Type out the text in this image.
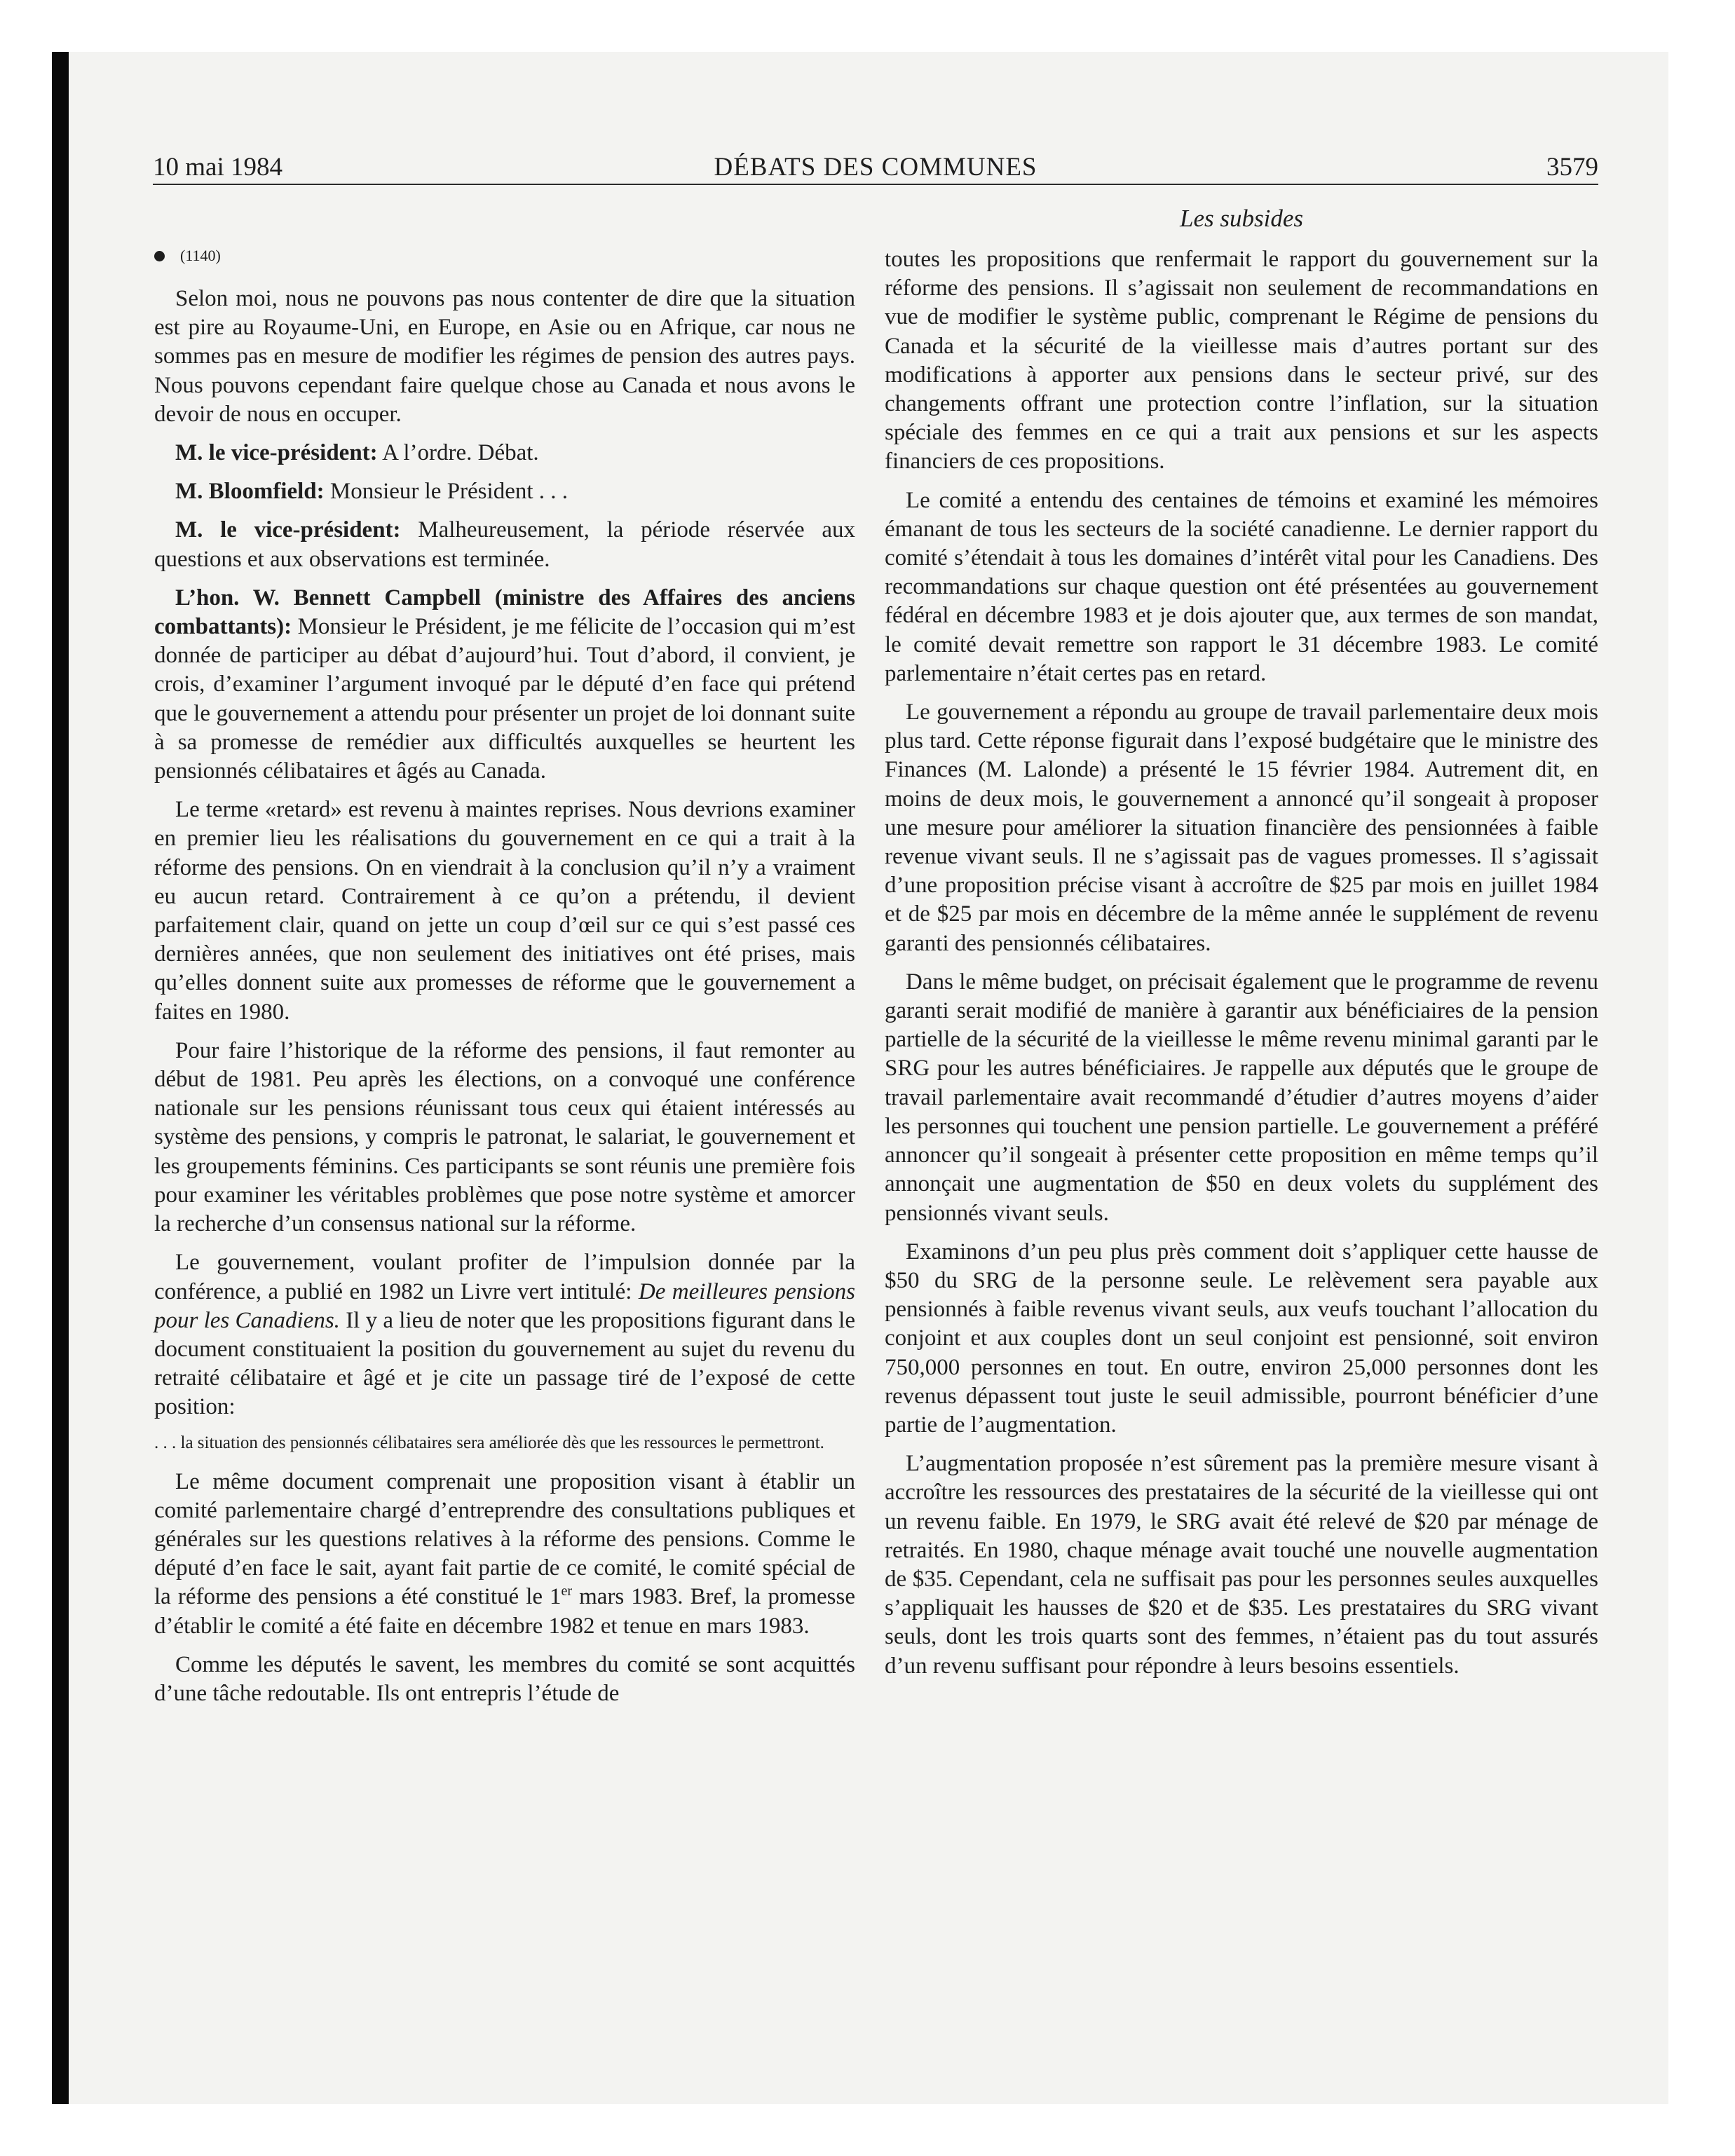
10 mai 1984	DÉBATS DES COMMUNES	3579
Les subsides
(1140)

Selon moi, nous ne pouvons pas nous contenter de dire que la situation est pire au Royaume-Uni, en Europe, en Asie ou en Afrique, car nous ne sommes pas en mesure de modifier les régimes de pension des autres pays. Nous pouvons cependant faire quelque chose au Canada et nous avons le devoir de nous en occuper.

M. le vice-président: A l’ordre. Débat.

M. Bloomfield: Monsieur le Président . . .

M. le vice-président: Malheureusement, la période réservée aux questions et aux observations est terminée.

L’hon. W. Bennett Campbell (ministre des Affaires des anciens combattants): Monsieur le Président, je me félicite de l’occasion qui m’est donnée de participer au débat d’aujourd’hui. Tout d’abord, il convient, je crois, d’examiner l’argument invoqué par le député d’en face qui prétend que le gouvernement a attendu pour présenter un projet de loi donnant suite à sa promesse de remédier aux difficultés auxquelles se heurtent les pensionnés célibataires et âgés au Canada.

Le terme «retard» est revenu à maintes reprises. Nous devrions examiner en premier lieu les réalisations du gouvernement en ce qui a trait à la réforme des pensions. On en viendrait à la conclusion qu’il n’y a vraiment eu aucun retard. Contrairement à ce qu’on a prétendu, il devient parfaitement clair, quand on jette un coup d’œil sur ce qui s’est passé ces dernières années, que non seulement des initiatives ont été prises, mais qu’elles donnent suite aux promesses de réforme que le gouvernement a faites en 1980.

Pour faire l’historique de la réforme des pensions, il faut remonter au début de 1981. Peu après les élections, on a convoqué une conférence nationale sur les pensions réunissant tous ceux qui étaient intéressés au système des pensions, y compris le patronat, le salariat, le gouvernement et les groupements féminins. Ces participants se sont réunis une première fois pour examiner les véritables problèmes que pose notre système et amorcer la recherche d’un consensus national sur la réforme.

Le gouvernement, voulant profiter de l’impulsion donnée par la conférence, a publié en 1982 un Livre vert intitulé: De meilleures pensions pour les Canadiens. Il y a lieu de noter que les propositions figurant dans le document constituaient la position du gouvernement au sujet du revenu du retraité célibataire et âgé et je cite un passage tiré de l’exposé de cette position:

. . . la situation des pensionnés célibataires sera améliorée dès que les ressources le permettront.

Le même document comprenait une proposition visant à établir un comité parlementaire chargé d’entreprendre des consultations publiques et générales sur les questions relatives à la réforme des pensions. Comme le député d’en face le sait, ayant fait partie de ce comité, le comité spécial de la réforme des pensions a été constitué le 1er mars 1983. Bref, la promesse d’établir le comité a été faite en décembre 1982 et tenue en mars 1983.

Comme les députés le savent, les membres du comité se sont acquittés d’une tâche redoutable. Ils ont entrepris l’étude de

toutes les propositions que renfermait le rapport du gouvernement sur la réforme des pensions. Il s’agissait non seulement de recommandations en vue de modifier le système public, comprenant le Régime de pensions du Canada et la sécurité de la vieillesse mais d’autres portant sur des modifications à apporter aux pensions dans le secteur privé, sur des changements offrant une protection contre l’inflation, sur la situation spéciale des femmes en ce qui a trait aux pensions et sur les aspects financiers de ces propositions.

Le comité a entendu des centaines de témoins et examiné les mémoires émanant de tous les secteurs de la société canadienne. Le dernier rapport du comité s’étendait à tous les domaines d’intérêt vital pour les Canadiens. Des recommandations sur chaque question ont été présentées au gouvernement fédéral en décembre 1983 et je dois ajouter que, aux termes de son mandat, le comité devait remettre son rapport le 31 décembre 1983. Le comité parlementaire n’était certes pas en retard.

Le gouvernement a répondu au groupe de travail parlementaire deux mois plus tard. Cette réponse figurait dans l’exposé budgétaire que le ministre des Finances (M. Lalonde) a présenté le 15 février 1984. Autrement dit, en moins de deux mois, le gouvernement a annoncé qu’il songeait à proposer une mesure pour améliorer la situation financière des pensionnées à faible revenue vivant seuls. Il ne s’agissait pas de vagues promesses. Il s’agissait d’une proposition précise visant à accroître de $25 par mois en juillet 1984 et de $25 par mois en décembre de la même année le supplément de revenu garanti des pensionnés célibataires.

Dans le même budget, on précisait également que le programme de revenu garanti serait modifié de manière à garantir aux bénéficiaires de la pension partielle de la sécurité de la vieillesse le même revenu minimal garanti par le SRG pour les autres bénéficiaires. Je rappelle aux députés que le groupe de travail parlementaire avait recommandé d’étudier d’autres moyens d’aider les personnes qui touchent une pension partielle. Le gouvernement a préféré annoncer qu’il songeait à présenter cette proposition en même temps qu’il annonçait une augmentation de $50 en deux volets du supplément des pensionnés vivant seuls.

Examinons d’un peu plus près comment doit s’appliquer cette hausse de $50 du SRG de la personne seule. Le relèvement sera payable aux pensionnés à faible revenus vivant seuls, aux veufs touchant l’allocation du conjoint et aux couples dont un seul conjoint est pensionné, soit environ 750,000 personnes en tout. En outre, environ 25,000 personnes dont les revenus dépassent tout juste le seuil admissible, pourront bénéficier d’une partie de l’augmentation.

L’augmentation proposée n’est sûrement pas la première mesure visant à accroître les ressources des prestataires de la sécurité de la vieillesse qui ont un revenu faible. En 1979, le SRG avait été relevé de $20 par ménage de retraités. En 1980, chaque ménage avait touché une nouvelle augmentation de $35. Cependant, cela ne suffisait pas pour les personnes seules auxquelles s’appliquait les hausses de $20 et de $35. Les prestataires du SRG vivant seuls, dont les trois quarts sont des femmes, n’étaient pas du tout assurés d’un revenu suffisant pour répondre à leurs besoins essentiels.
